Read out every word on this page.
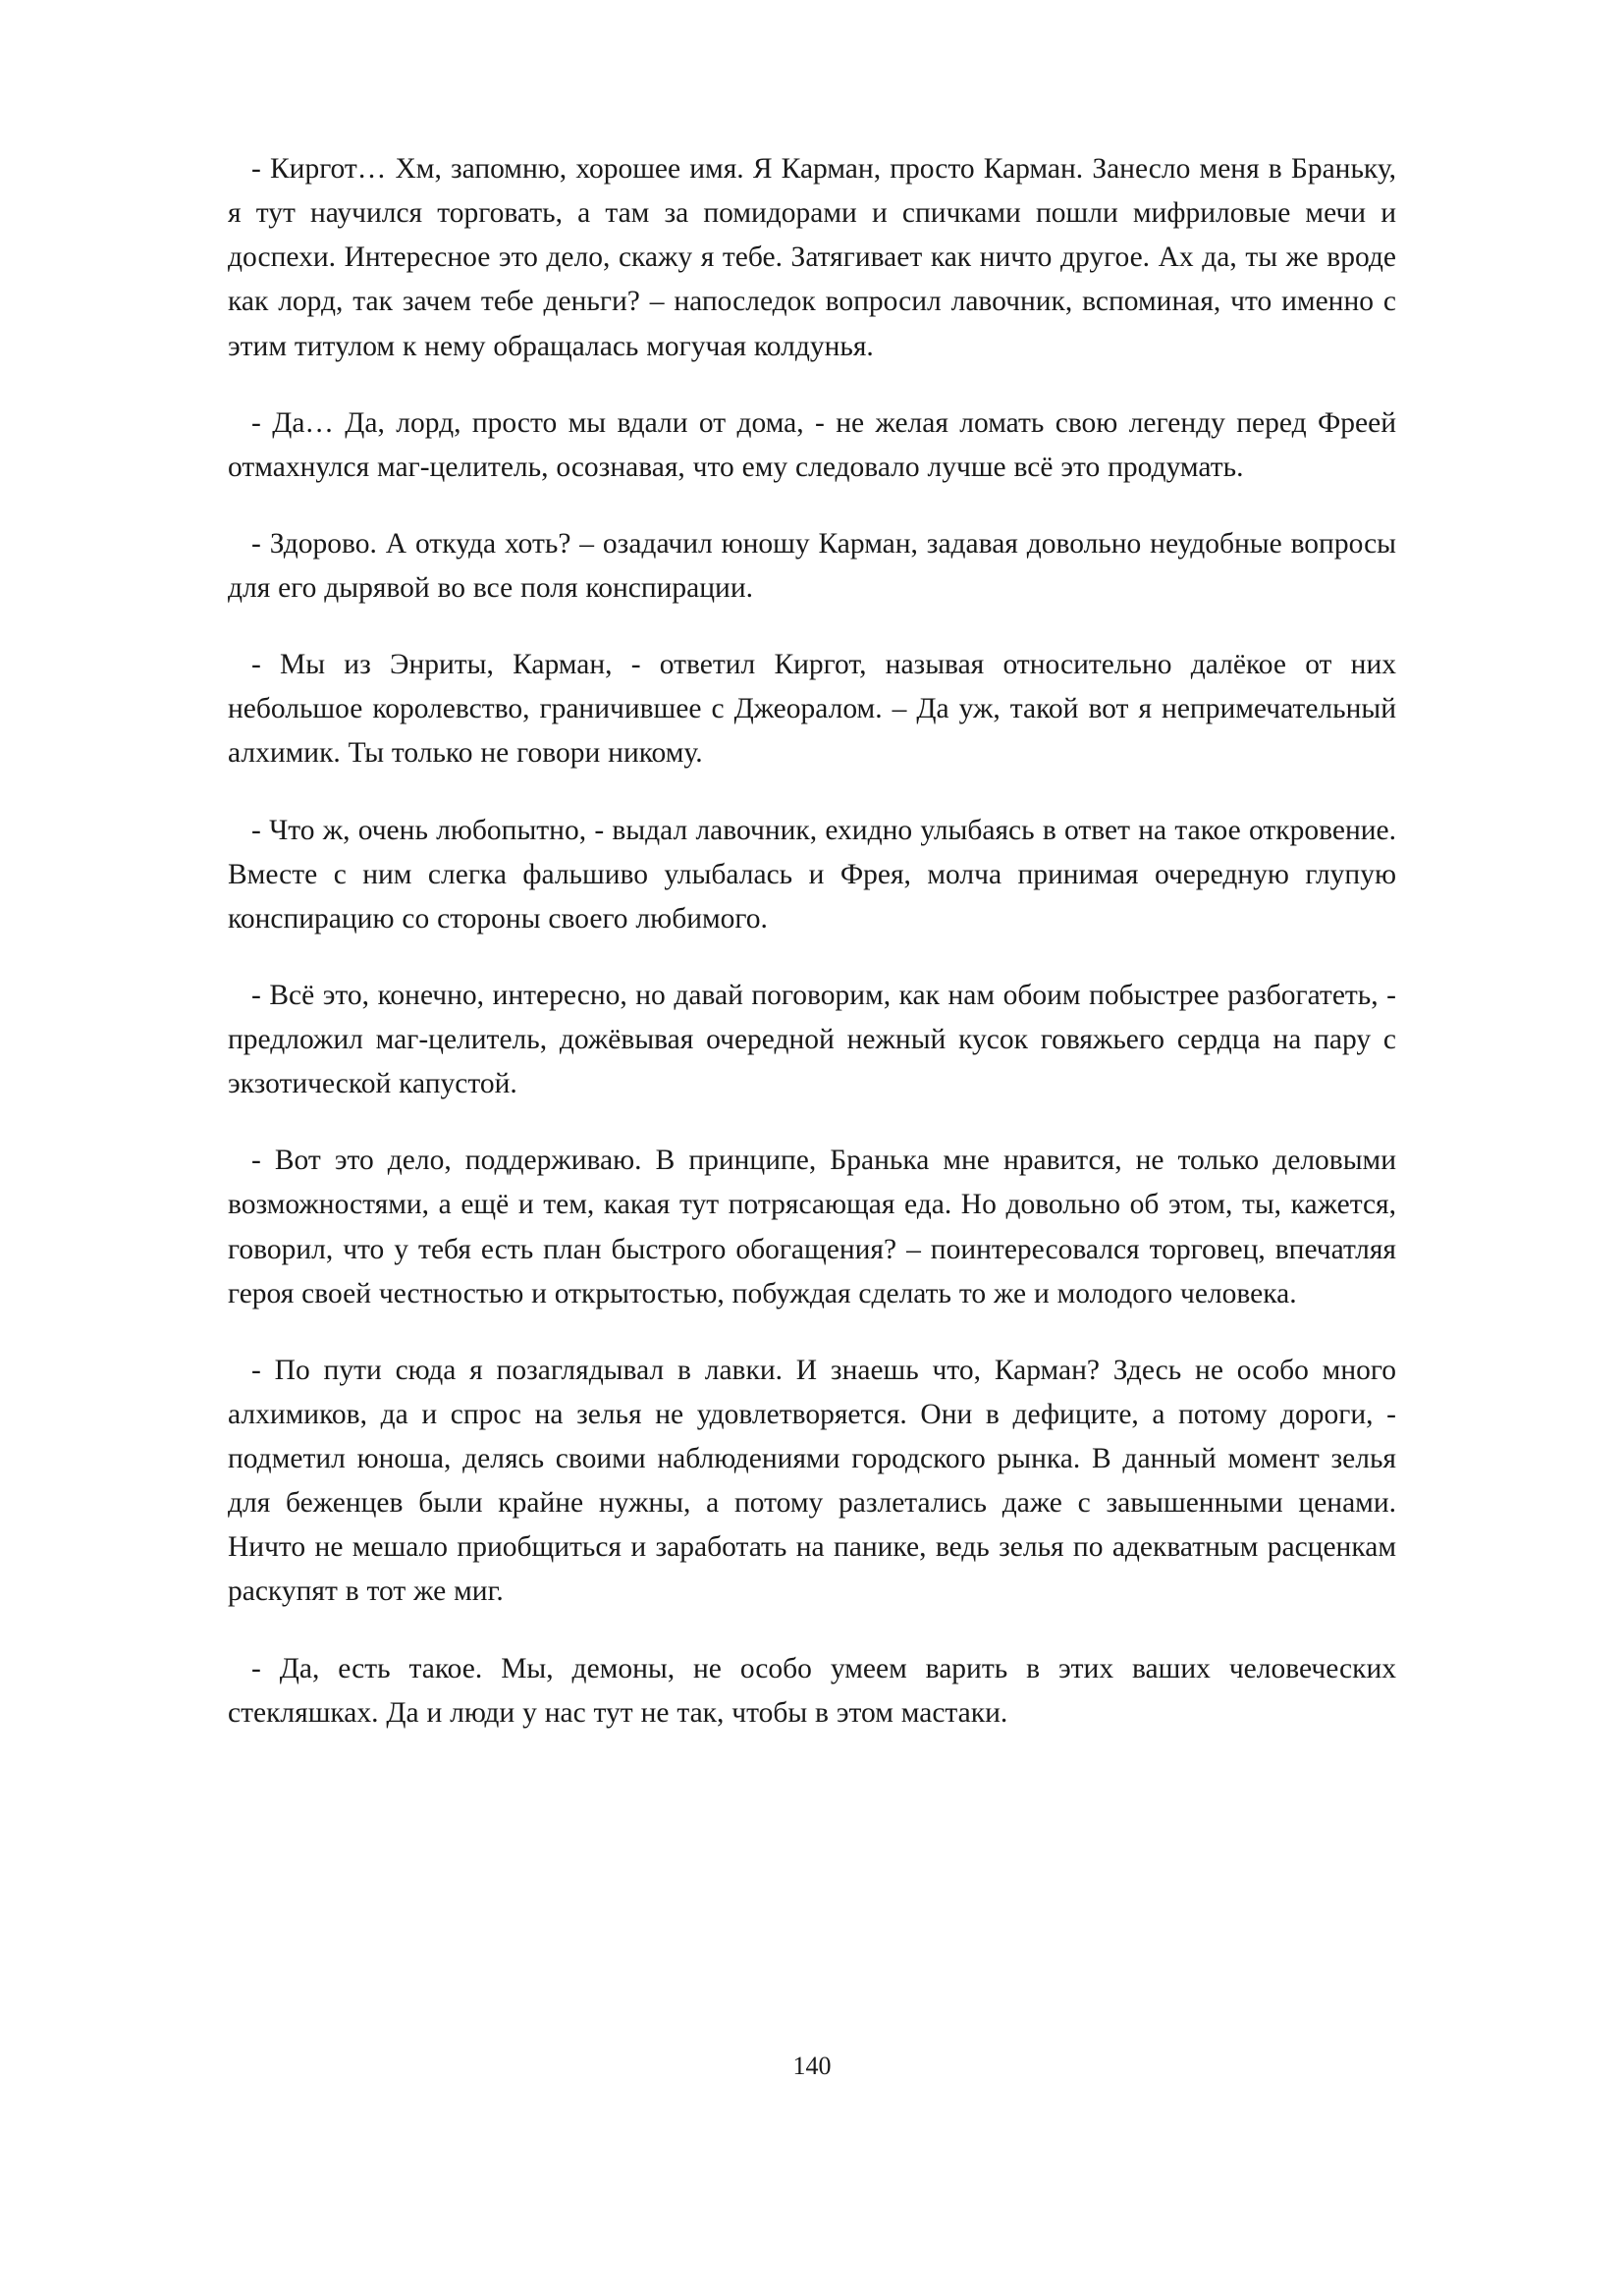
- Киргот… Хм, запомню, хорошее имя. Я Карман, просто Карман. Занесло меня в Браньку, я тут научился торговать, а там за помидорами и спичками пошли мифриловые мечи и доспехи. Интересное это дело, скажу я тебе. Затягивает как ничто другое. Ах да, ты же вроде как лорд, так зачем тебе деньги? – напоследок вопросил лавочник, вспоминая, что именно с этим титулом к нему обращалась могучая колдунья.

- Да… Да, лорд, просто мы вдали от дома, - не желая ломать свою легенду перед Фреей отмахнулся маг-целитель, осознавая, что ему следовало лучше всё это продумать.

- Здорово. А откуда хоть? – озадачил юношу Карман, задавая довольно неудобные вопросы для его дырявой во все поля конспирации.

- Мы из Энриты, Карман, - ответил Киргот, называя относительно далёкое от них небольшое королевство, граничившее с Джеоралом. – Да уж, такой вот я непримечательный алхимик. Ты только не говори никому.

- Что ж, очень любопытно, - выдал лавочник, ехидно улыбаясь в ответ на такое откровение. Вместе с ним слегка фальшиво улыбалась и Фрея, молча принимая очередную глупую конспирацию со стороны своего любимого.

- Всё это, конечно, интересно, но давай поговорим, как нам обоим побыстрее разбогатеть, - предложил маг-целитель, дожёвывая очередной нежный кусок говяжьего сердца на пару с экзотической капустой.

- Вот это дело, поддерживаю. В принципе, Бранька мне нравится, не только деловыми возможностями, а ещё и тем, какая тут потрясающая еда. Но довольно об этом, ты, кажется, говорил, что у тебя есть план быстрого обогащения? – поинтересовался торговец, впечатляя героя своей честностью и открытостью, побуждая сделать то же и молодого человека.

- По пути сюда я позаглядывал в лавки. И знаешь что, Карман? Здесь не особо много алхимиков, да и спрос на зелья не удовлетворяется. Они в дефиците, а потому дороги, - подметил юноша, делясь своими наблюдениями городского рынка. В данный момент зелья для беженцев были крайне нужны, а потому разлетались даже с завышенными ценами. Ничто не мешало приобщиться и заработать на панике, ведь зелья по адекватным расценкам раскупят в тот же миг.

- Да, есть такое. Мы, демоны, не особо умеем варить в этих ваших человеческих стекляшках. Да и люди у нас тут не так, чтобы в этом мастаки.

140
